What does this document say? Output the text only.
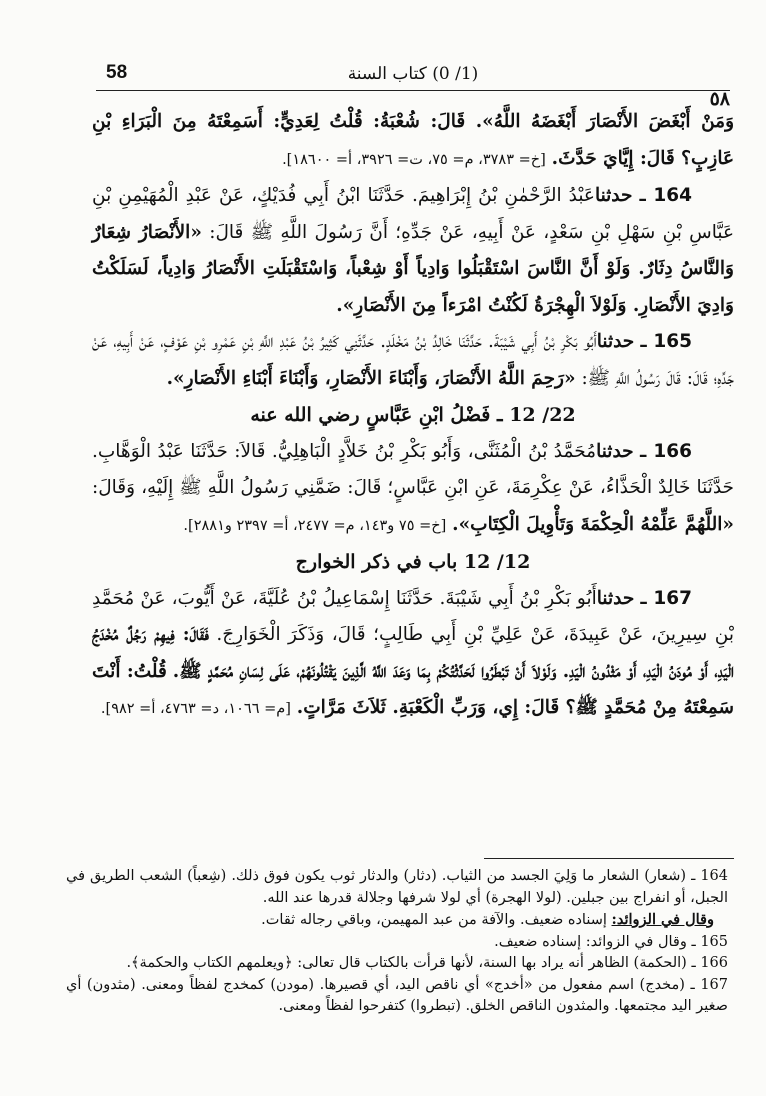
58	(1/ 0) كتاب السنة
٥٨

وَمَنْ أَبْغَضَ الأَنْصَارَ أَبْغَضَهُ اللَّهُ». قَالَ: شُعْبَةُ: قُلْتُ لِعَدِيٍّ: أَسَمِعْتَهُ مِنَ الْبَرَاءِ بْنِ عَازِبٍ؟ قَالَ: إِيَّايَ حَدَّثَ. [خ= ٣٧٨٣، م= ٧٥، ت= ٣٩٢٦، أ= ١٨٦٠٠].

164 ـ حدثناعَبْدُ الرَّحْمٰنِ بْنُ إِبْرَاهِيمَ. حَدَّثَنَا ابْنُ أَبِي فُدَيْكٍ، عَنْ عَبْدِ الْمُهَيْمِنِ بْنِ عَبَّاسِ بْنِ سَهْلِ بْنِ سَعْدٍ، عَنْ أَبِيهِ، عَنْ جَدِّهِ؛ أَنَّ رَسُولَ اللَّهِ ﷺ قَالَ: «الأَنْصَارُ شِعَارٌ وَالنَّاسُ دِثَارٌ. وَلَوْ أَنَّ النَّاسَ اسْتَقْبَلُوا وَادِياً أَوْ شِعْباً، وَاسْتَقْبَلَتِ الأَنْصَارُ وَادِياً، لَسَلَكْتُ وَادِيَ الأَنْصَارِ. وَلَوْلاَ الْهِجْرَةُ لَكُنْتُ امْرَءاً مِنَ الأَنْصَارِ».

165 ـ حدثناأَبُو بَكْرِ بْنُ أَبِي شَيْبَةَ. حَدَّثَنَا خَالِدُ بْنُ مَخْلَدٍ. حَدَّثَنِي كَثِيرُ بْنُ عَبْدِ اللَّهِ بْنِ عَمْرِو بْنِ عَوْفٍ، عَنْ أَبِيهِ، عَنْ جَدِّهِ؛ قَالَ: قَالَ رَسُولُ اللَّهِ ﷺ: «رَحِمَ اللَّهُ الأَنْصَارَ، وَأَبْنَاءَ الأَنْصَارِ، وَأَبْنَاءَ أَبْنَاءِ الأَنْصَارِ».

22/ 12 ـ فَضْلُ ابْنِ عَبَّاسٍ رضي الله عنه

166 ـ حدثنامُحَمَّدُ بْنُ الْمُثَنَّى، وَأَبُو بَكْرِ بْنُ خَلاَّدٍ الْبَاهِلِيُّ. قَالاَ: حَدَّثَنَا عَبْدُ الْوَهَّابِ. حَدَّثَنَا خَالِدٌ الْحَذَّاءُ، عَنْ عِكْرِمَةَ، عَنِ ابْنِ عَبَّاسٍ؛ قَالَ: ضَمَّنِي رَسُولُ اللَّهِ ﷺ إِلَيْهِ، وَقَالَ: «اللَّهُمَّ عَلِّمْهُ الْحِكْمَةَ وَتَأْوِيلَ الْكِتَابِ». [خ= ٧٥ و١٤٣، م= ٢٤٧٧، أ= ٢٣٩٧ و٢٨٨١].

12/ 12 باب في ذكر الخوارج

167 ـ حدثناأَبُو بَكْرِ بْنُ أَبِي شَيْبَةَ. حَدَّثَنَا إِسْمَاعِيلُ بْنُ عُلَيَّةَ، عَنْ أَيُّوبَ، عَنْ مُحَمَّدِ بْنِ سِيرِينَ، عَنْ عَبِيدَةَ، عَنْ عَلِيِّ بْنِ أَبِي طَالِبٍ؛ قَالَ، وَذَكَرَ الْخَوَارِجَ. فَقَالَ: فِيهِمْ رَجُلٌ مُخْدَجُ الْيَدِ، أَوْ مُودَنُ الْيَدِ، أَوْ مَثْدُونُ الْيَدِ. وَلَوْلاَ أَنْ تَبْطَرُوا لَحَدَّثْتُكُمْ بِمَا وَعَدَ اللَّهُ الَّذِينَ يَقْتُلُونَهُمْ، عَلَى لِسَانِ مُحَمَّدٍ ﷺ. قُلْتُ: أَنْتَ سَمِعْتَهُ مِنْ مُحَمَّدٍ ﷺ؟ قَالَ: إِي، وَرَبِّ الْكَعْبَةِ. ثَلاَثَ مَرَّاتٍ. [م= ١٠٦٦، د= ٤٧٦٣، أ= ٩٨٢].

164 ـ (شعار) الشعار ما وَلِيَ الجسد من الثياب. (دثار) والدثار ثوب يكون فوق ذلك. (شِعباً) الشعب الطريق في الجبل، أو انفراج بين جبلين. (لولا الهجرة) أي لولا شرفها وجلالة قدرها عند الله.

وقال في الزوائد: إسناده ضعيف. والآفة من عبد المهيمن، وباقي رجاله ثقات.

165 ـ وقال في الزوائد: إسناده ضعيف.

166 ـ (الحكمة) الظاهر أنه يراد بها السنة، لأنها قرأت بالكتاب قال تعالى: ﴿ويعلمهم الكتاب والحكمة﴾.

167 ـ (مخدج) اسم مفعول من «أخدج» أي ناقص اليد، أي قصيرها. (مودن) كمخدج لفظاً ومعنى. (مثدون) أي صغير اليد مجتمعها. والمثدون الناقص الخلق. (تبطروا) كتفرحوا لفظاً ومعنى.
